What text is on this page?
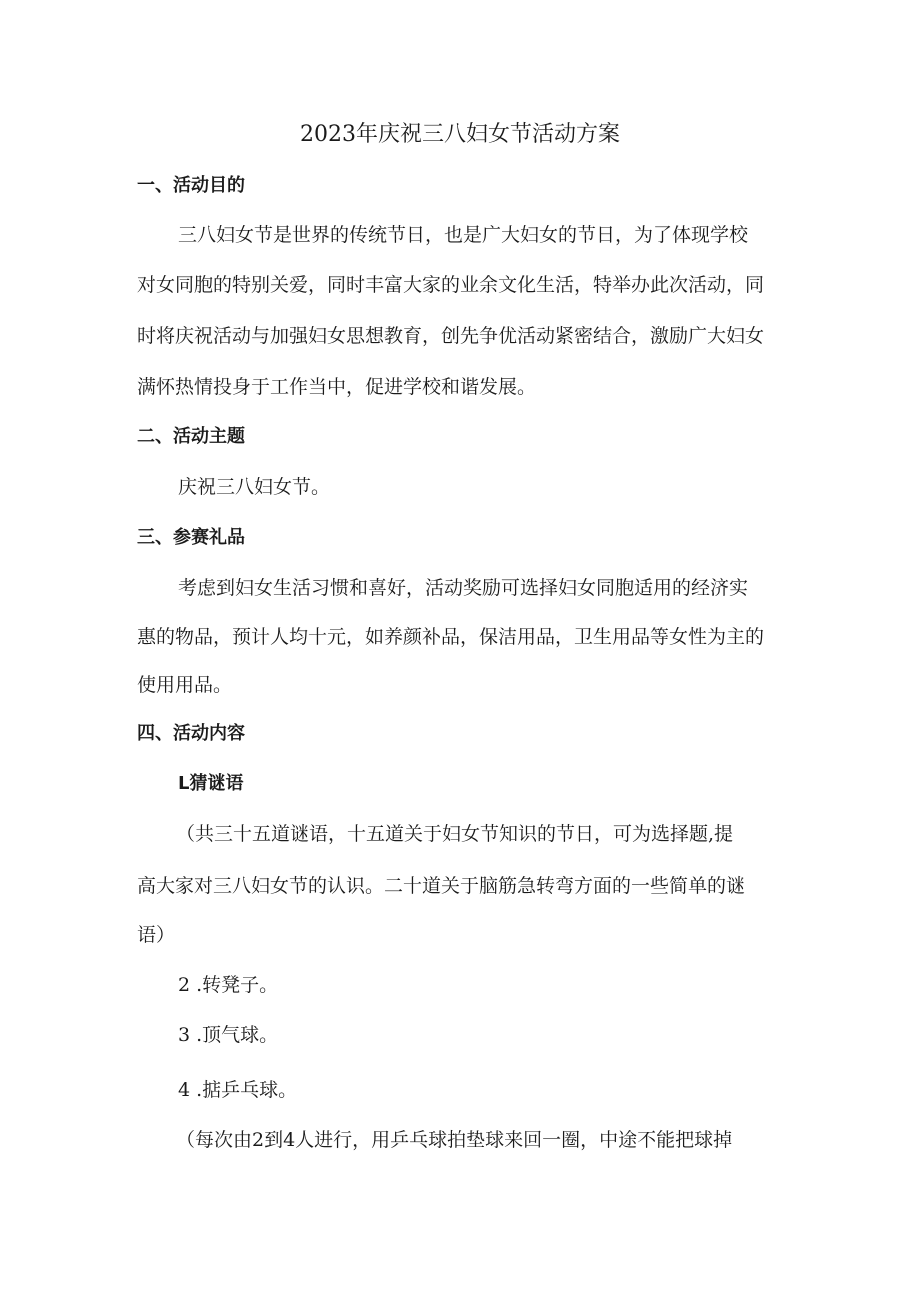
2023年庆祝三八妇女节活动方案
一、活动目的

三八妇女节是世界的传统节日，也是广大妇女的节日，为了体现学校

对女同胞的特别关爱，同时丰富大家的业余文化生活，特举办此次活动，同

时将庆祝活动与加强妇女思想教育，创先争优活动紧密结合，激励广大妇女

满怀热情投身于工作当中，促进学校和谐发展。

二、活动主题

庆祝三八妇女节。

三、参赛礼品

考虑到妇女生活习惯和喜好，活动奖励可选择妇女同胞适用的经济实

惠的物品，预计人均十元，如养颜补品，保洁用品，卫生用品等女性为主的

使用用品。

四、活动内容

L猜谜语

（共三十五道谜语，十五道关于妇女节知识的节日，可为选择题,提

高大家对三八妇女节的认识。二十道关于脑筋急转弯方面的一些简单的谜

语）

2 .转凳子。

3 .顶气球。

4 .掂乒乓球。

（每次由2到4人进行，用乒乓球拍垫球来回一圈，中途不能把球掉
